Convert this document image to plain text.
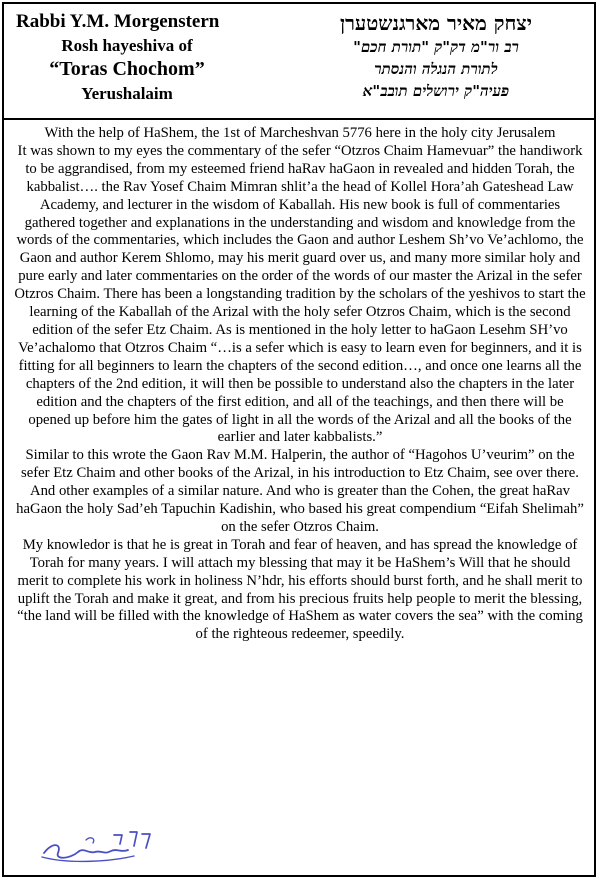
Rabbi Y.M. Morgenstern
Rosh hayeshiva of
“Toras Chochom”
Yerushalaim
יצחק מאיר מארגנשטערן
רב ור"מ דק"ק "תורת חכם"
לתורת הנגלה והנסתר
פעיה"ק ירושלים תובב"א

With the help of HaShem, the 1st of Marcheshvan 5776 here in the holy city Jerusalem

It was shown to my eyes the commentary of the sefer “Otzros Chaim Hamevuar” the handiwork to be aggrandised, from my esteemed friend haRav haGaon in revealed and hidden Torah, the kabbalist…. the Rav Yosef Chaim Mimran shlit’a the head of Kollel Hora’ah Gateshead Law Academy, and lecturer in the wisdom of Kaballah. His new book is full of commentaries gathered together and explanations in the understanding and wisdom and knowledge from the words of the commentaries, which includes the Gaon and author Leshem Sh’vo Ve’achlomo, the Gaon and author Kerem Shlomo, may his merit guard over us, and many more similar holy and pure early and later commentaries on the order of the words of our master the Arizal in the sefer Otzros Chaim. There has been a longstanding tradition by the scholars of the yeshivos to start the learning of the Kaballah of the Arizal with the holy sefer Otzros Chaim, which is the second edition of the sefer Etz Chaim. As is mentioned in the holy letter to haGaon Lesehm SH’vo Ve’achalomo that Otzros Chaim “…is a sefer which is easy to learn even for beginners, and it is fitting for all beginners to learn the chapters of the second edition…, and once one learns all the chapters of the 2nd edition, it will then be possible to understand also the chapters in the later edition and the chapters of the first edition, and all of the teachings, and then there will be opened up before him the gates of light in all the words of the Arizal and all the books of the earlier and later kabbalists.”

Similar to this wrote the Gaon Rav M.M. Halperin, the author of “Hagohos U’veurim” on the sefer Etz Chaim and other books of the Arizal, in his introduction to Etz Chaim, see over there. And other examples of a similar nature. And who is greater than the Cohen, the great haRav haGaon the holy Sad’eh Tapuchin Kadishin, who based his great compendium “Eifah Shelimah” on the sefer Otzros Chaim.

My knowledor is that he is great in Torah and fear of heaven, and has spread the knowledge of Torah for many years. I will attach my blessing that may it be HaShem’s Will that he should merit to complete his work in holiness N’hdr, his efforts should burst forth, and he shall merit to uplift the Torah and make it great, and from his precious fruits help people to merit the blessing, “the land will be filled with the knowledge of HaShem as water covers the sea” with the coming of the righteous redeemer, speedily.
